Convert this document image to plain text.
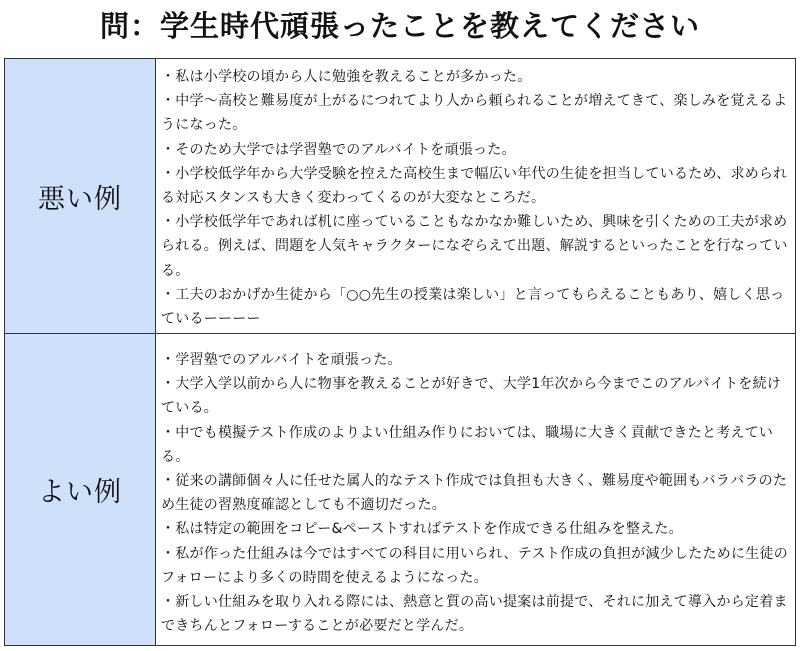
問：学生時代頑張ったことを教えてください
悪い例
・私は小学校の頃から人に勉強を教えることが多かった。
・中学〜高校と難易度が上がるにつれてより人から頼られることが増えてきて、楽しみを覚えるようになった。
・そのため大学では学習塾でのアルバイトを頑張った。
・小学校低学年から大学受験を控えた高校生まで幅広い年代の生徒を担当しているため、求められる対応スタンスも大きく変わってくるのが大変なところだ。
・小学校低学年であれば机に座っていることもなかなか難しいため、興味を引くための工夫が求められる。例えば、問題を人気キャラクターになぞらえて出題、解説するといったことを行なっている。
・工夫のおかげか生徒から「○○先生の授業は楽しい」と言ってもらえることもあり、嬉しく思っているーーーー
よい例
・学習塾でのアルバイトを頑張った。
・大学入学以前から人に物事を教えることが好きで、大学1年次から今までこのアルバイトを続けている。
・中でも模擬テスト作成のよりよい仕組み作りにおいては、職場に大きく貢献できたと考えている。
・従来の講師個々人に任せた属人的なテスト作成では負担も大きく、難易度や範囲もバラバラのため生徒の習熟度確認としても不適切だった。
・私は特定の範囲をコピー&ペーストすればテストを作成できる仕組みを整えた。
・私が作った仕組みは今ではすべての科目に用いられ、テスト作成の負担が減少したために生徒のフォローにより多くの時間を使えるようになった。
・新しい仕組みを取り入れる際には、熱意と質の高い提案は前提で、それに加えて導入から定着まできちんとフォローすることが必要だと学んだ。
